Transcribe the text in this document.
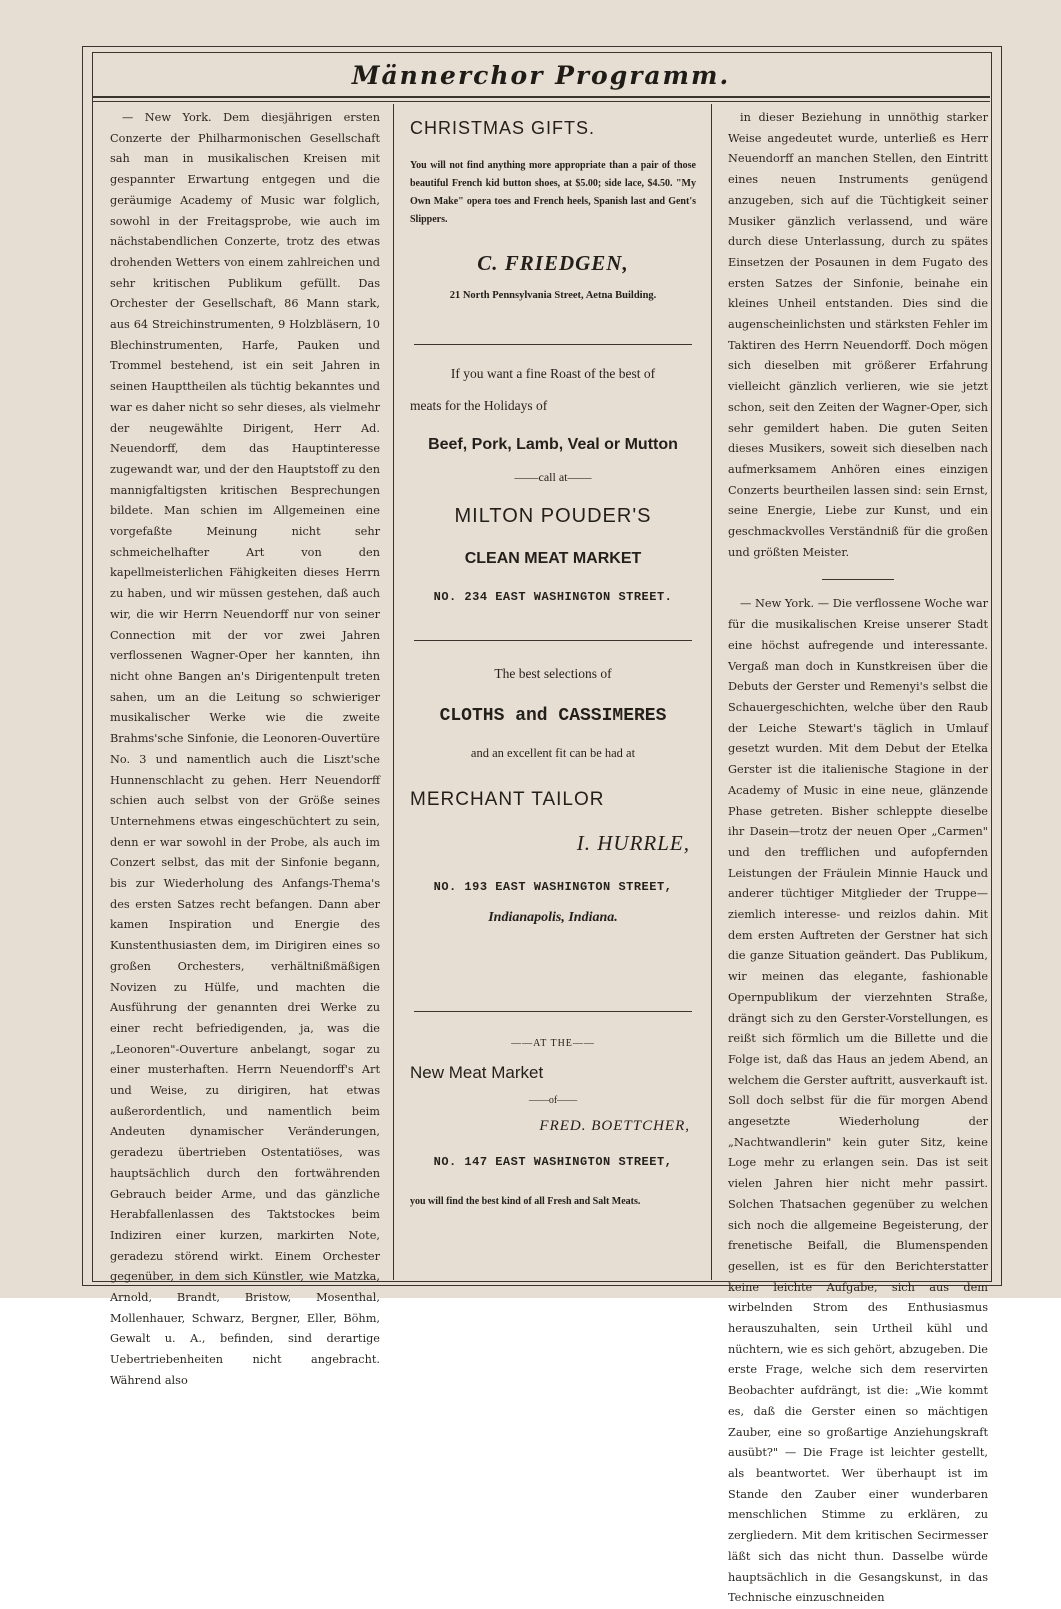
Männerchor Programm.

— New York. Dem diesjährigen ersten Conzerte der Philharmonischen Gesellschaft sah man in musikalischen Kreisen mit gespannter Erwartung entgegen und die geräumige Academy of Music war folglich, sowohl in der Freitagsprobe, wie auch im nächstabendlichen Conzerte, trotz des etwas drohenden Wetters von einem zahlreichen und sehr kritischen Publikum gefüllt. Das Orchester der Gesellschaft, 86 Mann stark, aus 64 Streichinstrumenten, 9 Holzbläsern, 10 Blechinstrumenten, Harfe, Pauken und Trommel bestehend, ist ein seit Jahren in seinen Haupttheilen als tüchtig bekanntes und war es daher nicht so sehr dieses, als vielmehr der neugewählte Dirigent, Herr Ad. Neuendorff, dem das Hauptinteresse zugewandt war, und der den Hauptstoff zu den mannigfaltigsten kritischen Besprechungen bildete. Man schien im Allgemeinen eine vorgefaßte Meinung nicht sehr schmeichelhafter Art von den kapellmeisterlichen Fähigkeiten dieses Herrn zu haben, und wir müssen gestehen, daß auch wir, die wir Herrn Neuendorff nur von seiner Connection mit der vor zwei Jahren verflossenen Wagner-Oper her kannten, ihn nicht ohne Bangen an's Dirigentenpult treten sahen, um an die Leitung so schwieriger musikalischer Werke wie die zweite Brahms'sche Sinfonie, die Leonoren-Ouvertüre No. 3 und namentlich auch die Liszt'sche Hunnenschlacht zu gehen. Herr Neuendorff schien auch selbst von der Größe seines Unternehmens etwas eingeschüchtert zu sein, denn er war sowohl in der Probe, als auch im Conzert selbst, das mit der Sinfonie begann, bis zur Wiederholung des Anfangs-Thema's des ersten Satzes recht befangen. Dann aber kamen Inspiration und Energie des Kunstenthusiasten dem, im Dirigiren eines so großen Orchesters, verhältnißmäßigen Novizen zu Hülfe, und machten die Ausführung der genannten drei Werke zu einer recht befriedigenden, ja, was die „Leonoren"-Ouverture anbelangt, sogar zu einer musterhaften. Herrn Neuendorff's Art und Weise, zu dirigiren, hat etwas außerordentlich, und namentlich beim Andeuten dynamischer Veränderungen, geradezu übertrieben Ostentatiöses, was hauptsächlich durch den fortwährenden Gebrauch beider Arme, und das gänzliche Herabfallenlassen des Taktstockes beim Indiziren einer kurzen, markirten Note, geradezu störend wirkt. Einem Orchester gegenüber, in dem sich Künstler, wie Matzka, Arnold, Brandt, Bristow, Mosenthal, Mollenhauer, Schwarz, Bergner, Eller, Böhm, Gewalt u. A., befinden, sind derartige Uebertriebenheiten nicht angebracht. Während also

CHRISTMAS GIFTS.
You will not find anything more appropriate than a pair of those beautiful French kid button shoes, at $5.00; side lace, $4.50. "My Own Make" opera toes and French heels, Spanish last and Gent's Slippers.
C. FRIEDGEN,
21 North Pennsylvania Street, Aetna Building.
If you want a fine Roast of the best of
meats for the Holidays of
Beef, Pork, Lamb, Veal or Mutton
——call at——
MILTON POUDER'S
CLEAN MEAT MARKET
NO. 234 EAST WASHINGTON STREET.
The best selections of
CLOTHS and CASSIMERES
and an excellent fit can be had at
MERCHANT TAILOR
I. HURRLE,
NO. 193 EAST WASHINGTON STREET,
Indianapolis, Indiana.
——AT THE——
New Meat Market
——of——
FRED. BOETTCHER,
NO. 147 EAST WASHINGTON STREET,
you will find the best kind of all Fresh and Salt Meats.

in dieser Beziehung in unnöthig starker Weise angedeutet wurde, unterließ es Herr Neuendorff an manchen Stellen, den Eintritt eines neuen Instruments genügend anzugeben, sich auf die Tüchtigkeit seiner Musiker gänzlich verlassend, und wäre durch diese Unterlassung, durch zu spätes Einsetzen der Posaunen in dem Fugato des ersten Satzes der Sinfonie, beinahe ein kleines Unheil entstanden. Dies sind die augenscheinlichsten und stärksten Fehler im Taktiren des Herrn Neuendorff. Doch mögen sich dieselben mit größerer Erfahrung vielleicht gänzlich verlieren, wie sie jetzt schon, seit den Zeiten der Wagner-Oper, sich sehr gemildert haben. Die guten Seiten dieses Musikers, soweit sich dieselben nach aufmerksamem Anhören eines einzigen Conzerts beurtheilen lassen sind: sein Ernst, seine Energie, Liebe zur Kunst, und ein geschmackvolles Verständniß für die großen und größten Meister.

— New York. — Die verflossene Woche war für die musikalischen Kreise unserer Stadt eine höchst aufregende und interessante. Vergaß man doch in Kunstkreisen über die Debuts der Gerster und Remenyi's selbst die Schauergeschichten, welche über den Raub der Leiche Stewart's täglich in Umlauf gesetzt wurden. Mit dem Debut der Etelka Gerster ist die italienische Stagione in der Academy of Music in eine neue, glänzende Phase getreten. Bisher schleppte dieselbe ihr Dasein—trotz der neuen Oper „Carmen" und den trefflichen und aufopfernden Leistungen der Fräulein Minnie Hauck und anderer tüchtiger Mitglieder der Truppe—ziemlich interesse- und reizlos dahin. Mit dem ersten Auftreten der Gerstner hat sich die ganze Situation geändert. Das Publikum, wir meinen das elegante, fashionable Opernpublikum der vierzehnten Straße, drängt sich zu den Gerster-Vorstellungen, es reißt sich förmlich um die Billette und die Folge ist, daß das Haus an jedem Abend, an welchem die Gerster auftritt, ausverkauft ist. Soll doch selbst für die für morgen Abend angesetzte Wiederholung der „Nachtwandlerin" kein guter Sitz, keine Loge mehr zu erlangen sein. Das ist seit vielen Jahren hier nicht mehr passirt. Solchen Thatsachen gegenüber zu welchen sich noch die allgemeine Begeisterung, der frenetische Beifall, die Blumenspenden gesellen, ist es für den Berichterstatter keine leichte Aufgabe, sich aus dem wirbelnden Strom des Enthusiasmus herauszuhalten, sein Urtheil kühl und nüchtern, wie es sich gehört, abzugeben. Die erste Frage, welche sich dem reservirten Beobachter aufdrängt, ist die: „Wie kommt es, daß die Gerster einen so mächtigen Zauber, eine so großartige Anziehungskraft ausübt?" — Die Frage ist leichter gestellt, als beantwortet. Wer überhaupt ist im Stande den Zauber einer wunderbaren menschlichen Stimme zu erklären, zu zergliedern. Mit dem kritischen Secirmesser läßt sich das nicht thun. Dasselbe würde hauptsächlich in die Gesangskunst, in das Technische einzuschneiden
